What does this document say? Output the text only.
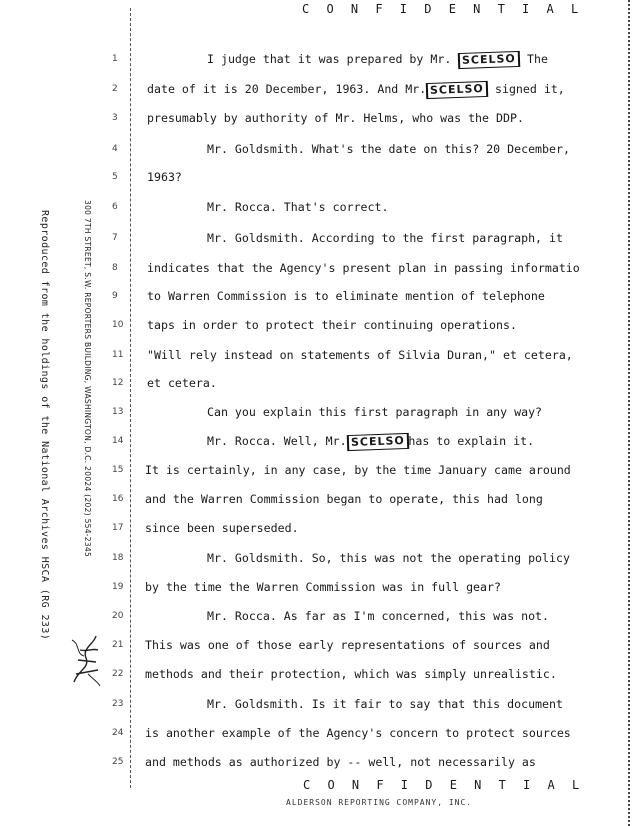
C O N F I D E N T I A L
Reproduced from the holdings of the National Archives HSCA (RG 233)	300 7TH STREET, S.W. REPORTERS BUILDING, WASHINGTON, D.C. 20024 (202) 554-2345
1
2
3
4
5
6
7
8
9
10
11
12
13
14
15
16
17
18
19
20
21
22
23
24
25
I judge that it was prepared by Mr. SCELSO The
date of it is 20 December, 1963. And Mr. SCELSO signed it,
presumably by authority of Mr. Helms, who was the DDP.
Mr. Goldsmith. What's the date on this? 20 December,
1963?
Mr. Rocca. That's correct.
Mr. Goldsmith. According to the first paragraph, it
indicates that the Agency's present plan in passing informatio
to Warren Commission is to eliminate mention of telephone
taps in order to protect their continuing operations.
"Will rely instead on statements of Silvia Duran," et cetera,
et cetera.
Can you explain this first paragraph in any way?
Mr. Rocca. Well, Mr. SCELSO has to explain it.
It is certainly, in any case, by the time January came around
and the Warren Commission began to operate, this had long
since been superseded.
Mr. Goldsmith. So, this was not the operating policy
by the time the Warren Commission was in full gear?
Mr. Rocca. As far as I'm concerned, this was not.
This was one of those early representations of sources and
methods and their protection, which was simply unrealistic.
Mr. Goldsmith. Is it fair to say that this document
is another example of the Agency's concern to protect sources
and methods as authorized by -- well, not necessarily as
C O N F I D E N T I A L
ALDERSON REPORTING COMPANY, INC.
